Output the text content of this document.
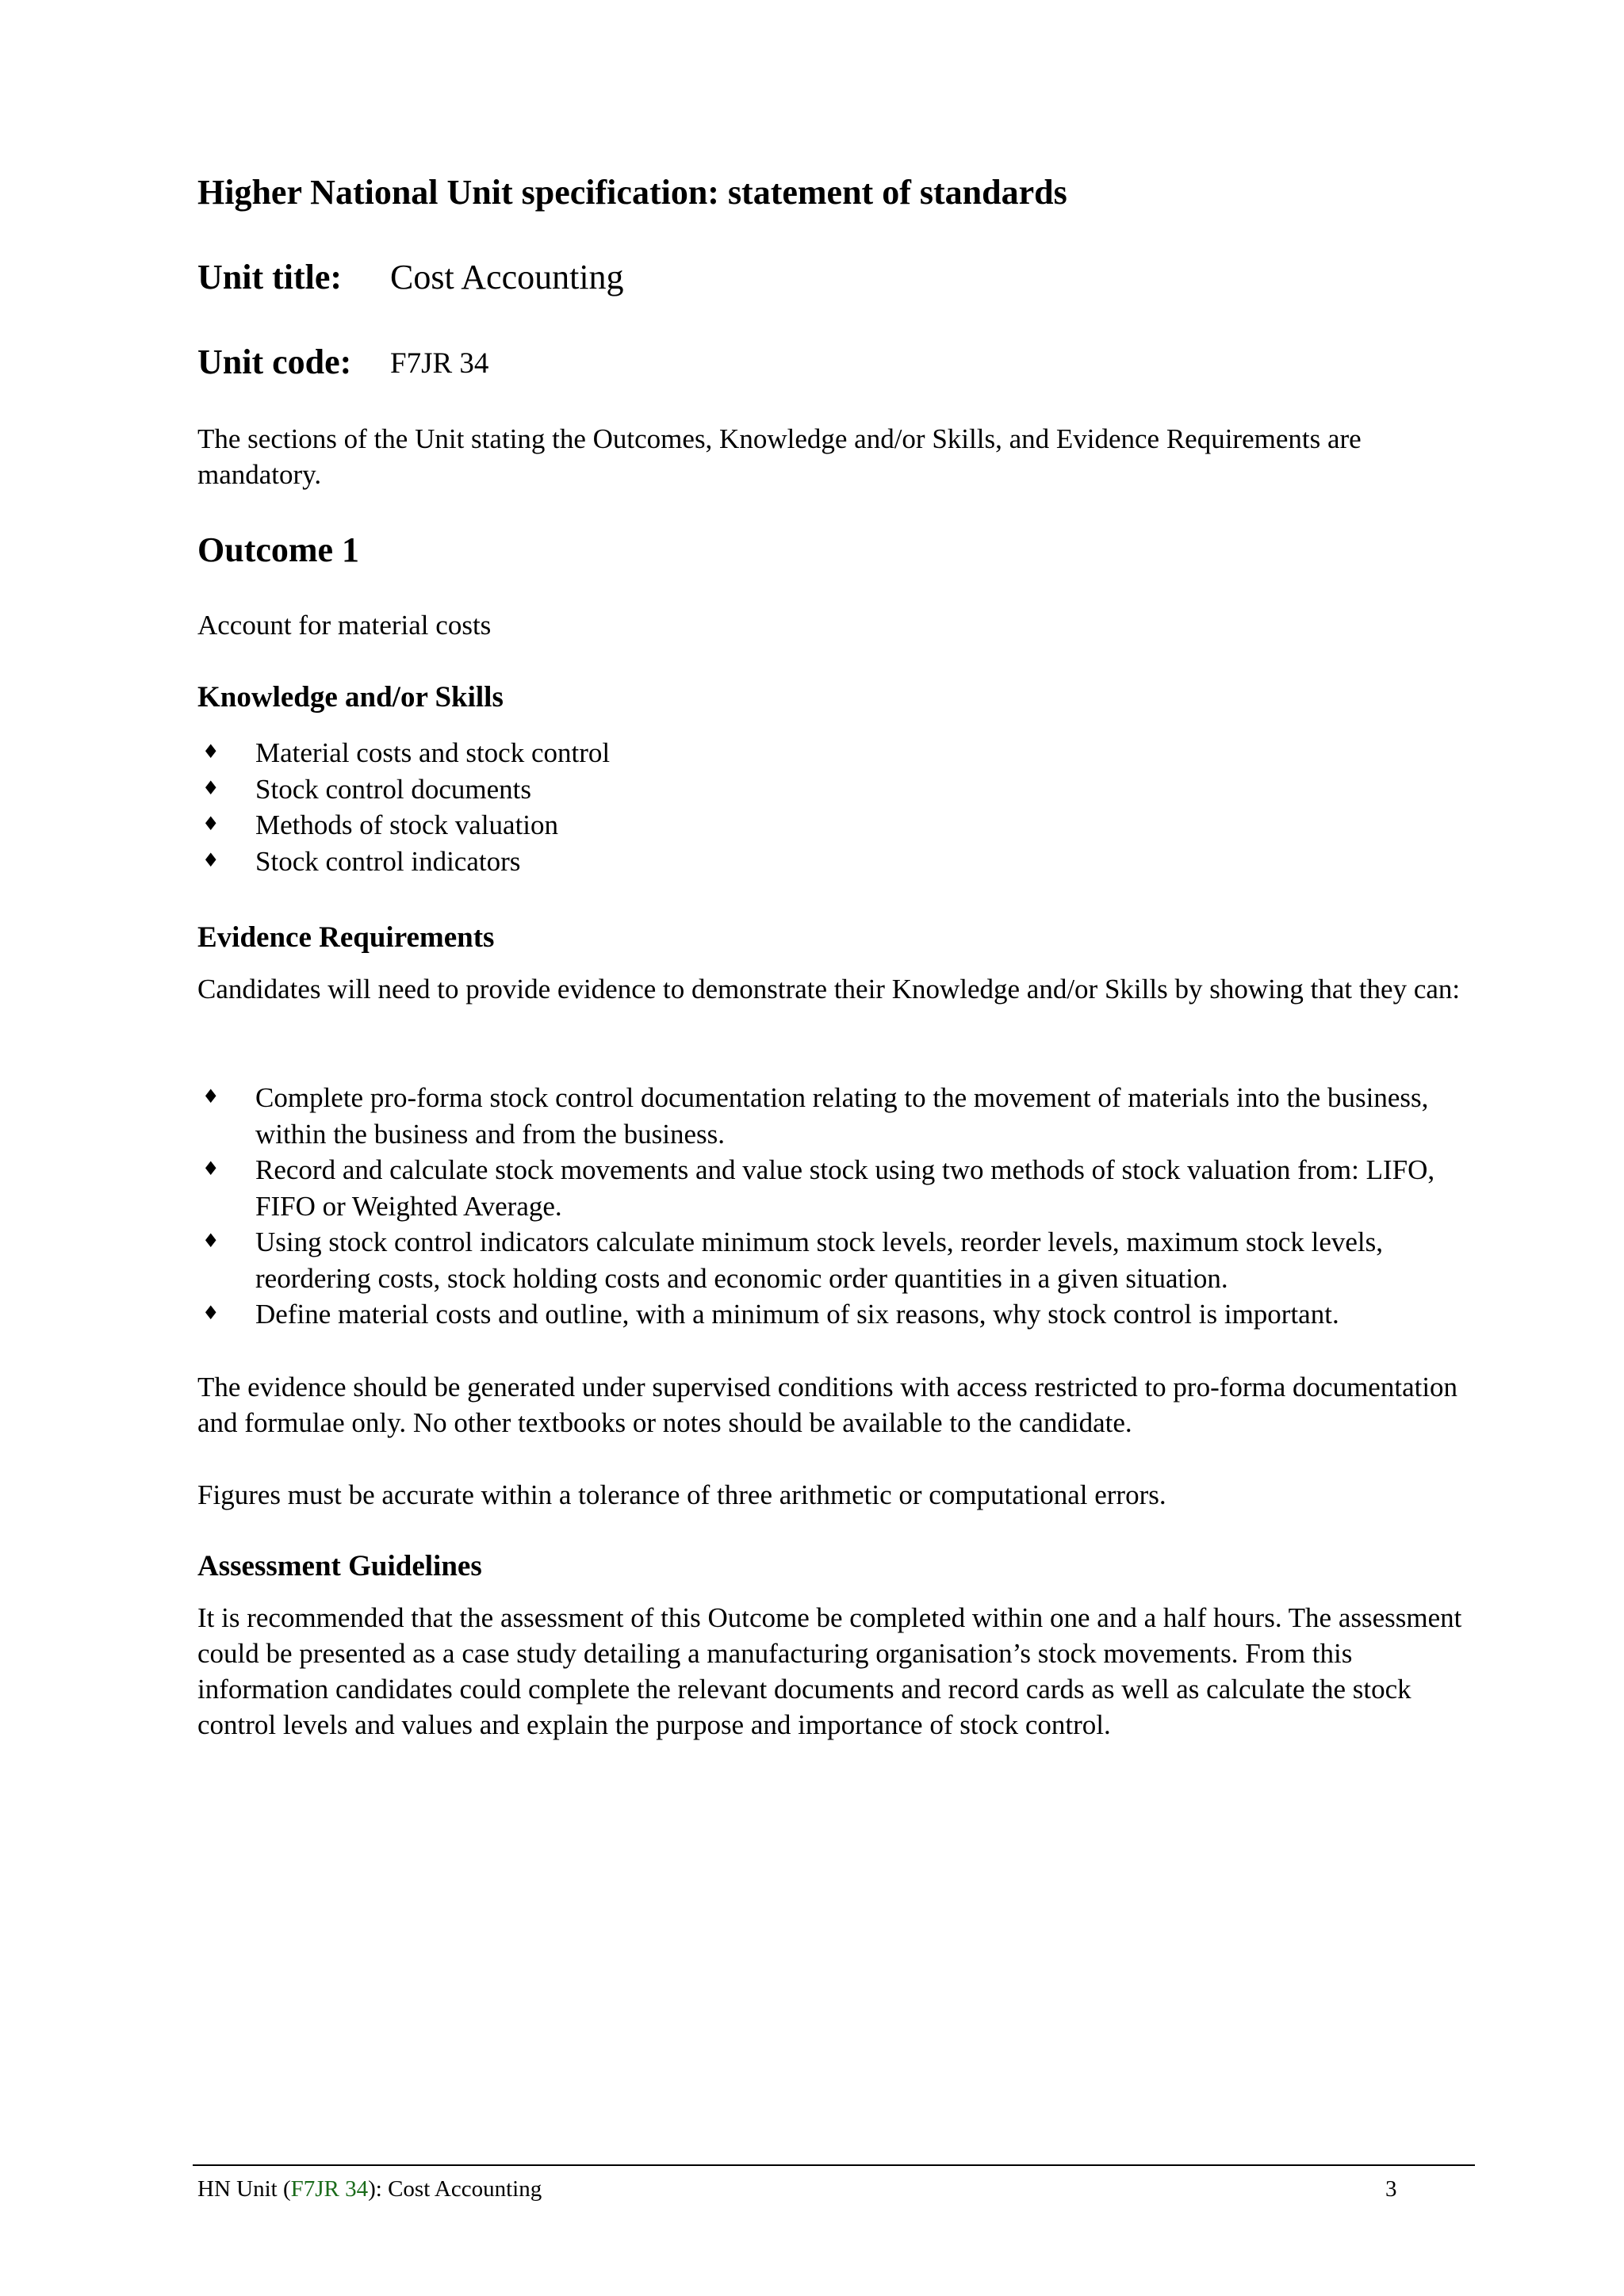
Higher National Unit specification: statement of standards
Unit title: Cost Accounting
Unit code: F7JR 34

The sections of the Unit stating the Outcomes, Knowledge and/or Skills, and Evidence Requirements are mandatory.

Outcome 1

Account for material costs

Knowledge and/or Skills
♦ Material costs and stock control
♦ Stock control documents
♦ Methods of stock valuation
♦ Stock control indicators
Evidence Requirements

Candidates will need to provide evidence to demonstrate their Knowledge and/or Skills by showing that they can:

♦ Complete pro-forma stock control documentation relating to the movement of materials into the business, within the business and from the business.
♦ Record and calculate stock movements and value stock using two methods of stock valuation from: LIFO, FIFO or Weighted Average.
♦ Using stock control indicators calculate minimum stock levels, reorder levels, maximum stock levels, reordering costs, stock holding costs and economic order quantities in a given situation.
♦ Define material costs and outline, with a minimum of six reasons, why stock control is important.

The evidence should be generated under supervised conditions with access restricted to pro-forma documentation and formulae only. No other textbooks or notes should be available to the candidate.

Figures must be accurate within a tolerance of three arithmetic or computational errors.

Assessment Guidelines

It is recommended that the assessment of this Outcome be completed within one and a half hours. The assessment could be presented as a case study detailing a manufacturing organisation’s stock movements. From this information candidates could complete the relevant documents and record cards as well as calculate the stock control levels and values and explain the purpose and importance of stock control.

HN Unit (F7JR 34): Cost Accounting	3
